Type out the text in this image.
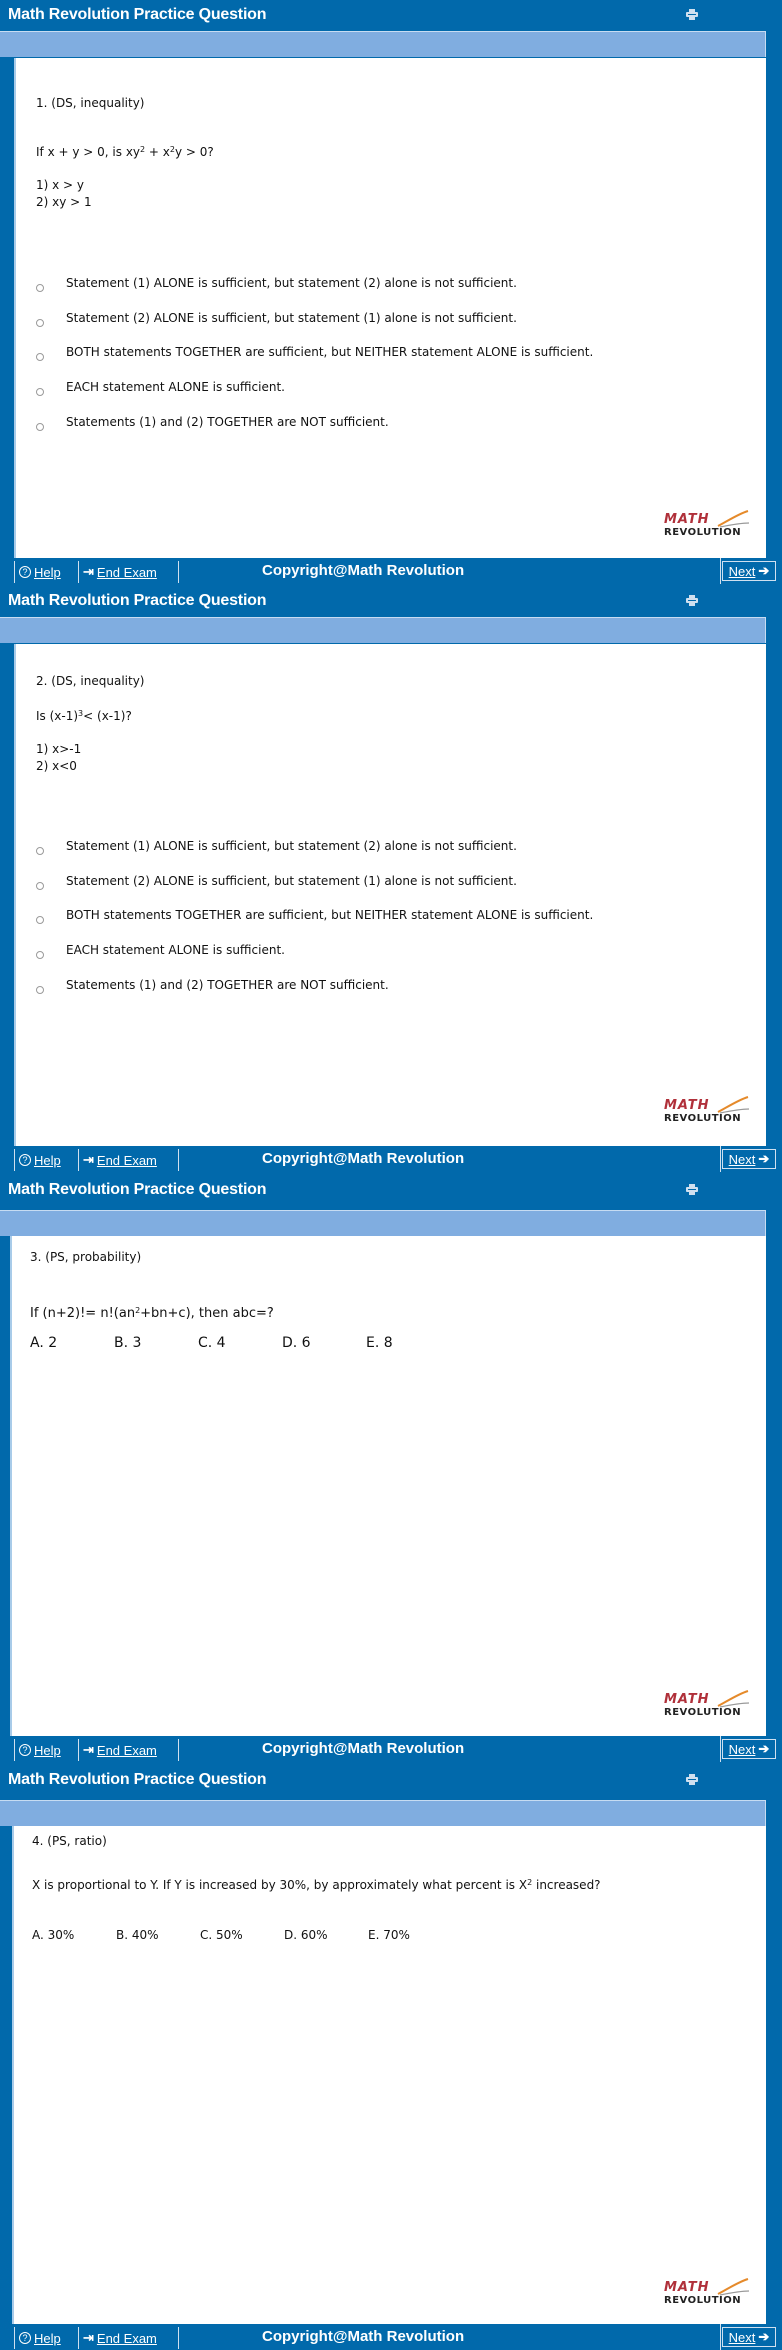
Math Revolution Practice Question
1. (DS, inequality)
If x + y > 0, is $xy^2 + x^2y > 0$?
1) x > y
2) xy > 1
Statement (1) ALONE is sufficient, but statement (2) alone is not sufficient.
Statement (2) ALONE is sufficient, but statement (1) alone is not sufficient.
BOTH statements TOGETHER are sufficient, but NEITHER statement ALONE is sufficient.
EACH statement ALONE is sufficient.
Statements (1) and (2) TOGETHER are NOT sufficient.
MATH
REVOLUTION
? Help ⇥ End Exam	Copyright@Math Revolution	Next ➔
Math Revolution Practice Question
2. (DS, inequality)
Is $(x-1)^3< (x-1)$?
1) x>-1
2) x<0
Statement (1) ALONE is sufficient, but statement (2) alone is not sufficient.
Statement (2) ALONE is sufficient, but statement (1) alone is not sufficient.
BOTH statements TOGETHER are sufficient, but NEITHER statement ALONE is sufficient.
EACH statement ALONE is sufficient.
Statements (1) and (2) TOGETHER are NOT sufficient.
MATH
REVOLUTION
? Help ⇥ End Exam	Copyright@Math Revolution	Next ➔
Math Revolution Practice Question
3. (PS, probability)
If $(n+2)!= n!(an^2+bn+c)$, then abc=?
A. 2	B. 3	C. 4	D. 6	E. 8
MATH
REVOLUTION
? Help ⇥ End Exam	Copyright@Math Revolution	Next ➔
Math Revolution Practice Question
4. (PS, ratio)
X is proportional to Y. If Y is increased by 30%, by approximately what percent is $X^2$ increased?
A. 30%	B. 40%	C. 50%	D. 60%	E. 70%
MATH
REVOLUTION
? Help ⇥ End Exam	Copyright@Math Revolution	Next ➔
